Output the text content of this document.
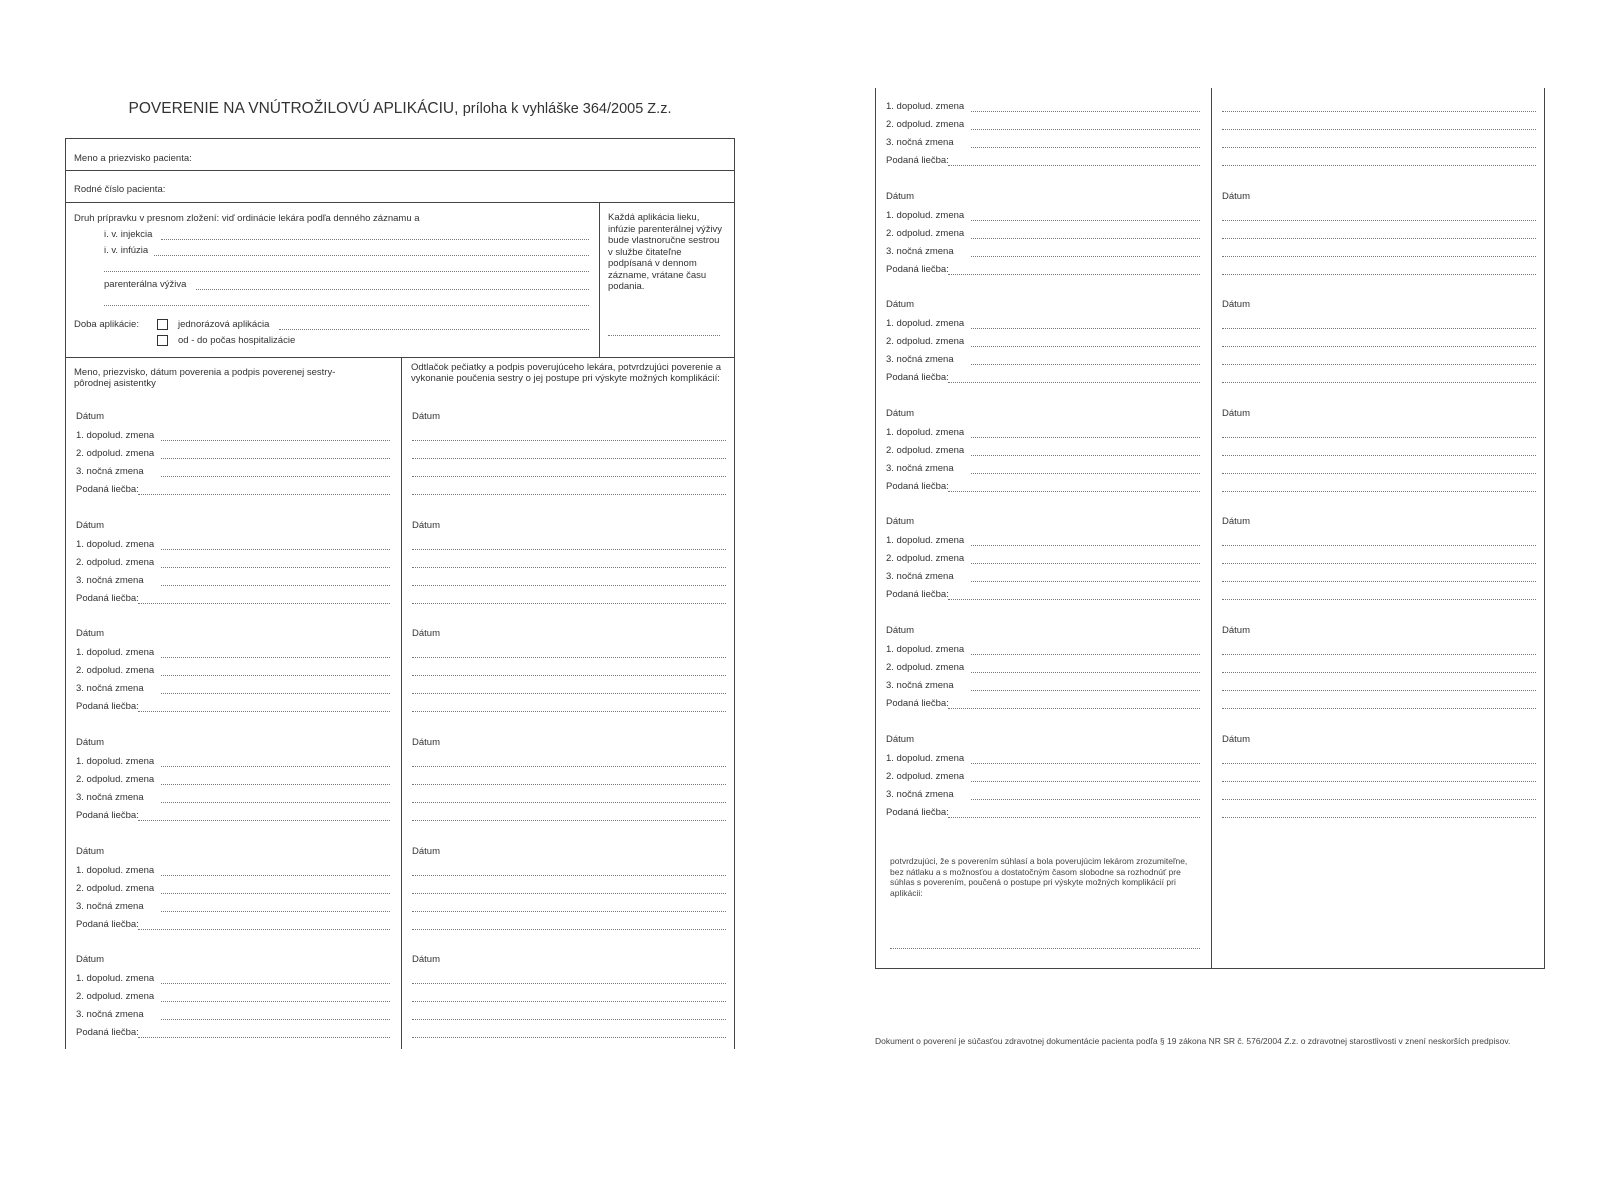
POVERENIE NA VNÚTROŽILOVÚ APLIKÁCIU, príloha k vyhláške 364/2005 Z.z.
Meno a priezvisko pacienta:
Rodné číslo pacienta:
Druh prípravku v presnom zložení: viď ordinácie lekára podľa denného záznamu a
i. v. injekcia
i. v. infúzia
parenterálna výživa
Doba aplikácie:	jednorázová aplikácia
od - do počas hospitalizácie
Každá aplikácia lieku, infúzie parenterálnej výživy bude vlastnoručne sestrou v službe čitateľne podpísaná v dennom zázname, vrátane času podania.
Meno, priezvisko, dátum poverenia a podpis poverenej sestry- pôrodnej asistentky
Odtlačok pečiatky a podpis poverujúceho lekára, potvrdzujúci poverenie a vykonanie poučenia sestry o jej postupe pri výskyte možných komplikácií:
Dátum	Dátum
1. dopolud. zmena
2. odpolud. zmena
3. nočná zmena
Podaná liečba:
Dátum	Dátum
1. dopolud. zmena
2. odpolud. zmena
3. nočná zmena
Podaná liečba:
Dátum	Dátum
1. dopolud. zmena
2. odpolud. zmena
3. nočná zmena
Podaná liečba:
Dátum	Dátum
1. dopolud. zmena
2. odpolud. zmena
3. nočná zmena
Podaná liečba:
Dátum	Dátum
1. dopolud. zmena
2. odpolud. zmena
3. nočná zmena
Podaná liečba:
Dátum	Dátum
1. dopolud. zmena
2. odpolud. zmena
3. nočná zmena
Podaná liečba:
1. dopolud. zmena
2. odpolud. zmena
3. nočná zmena
Podaná liečba:
Dátum	Dátum
1. dopolud. zmena
2. odpolud. zmena
3. nočná zmena
Podaná liečba:
Dátum	Dátum
1. dopolud. zmena
2. odpolud. zmena
3. nočná zmena
Podaná liečba:
Dátum	Dátum
1. dopolud. zmena
2. odpolud. zmena
3. nočná zmena
Podaná liečba:
Dátum	Dátum
1. dopolud. zmena
2. odpolud. zmena
3. nočná zmena
Podaná liečba:
Dátum	Dátum
1. dopolud. zmena
2. odpolud. zmena
3. nočná zmena
Podaná liečba:
Dátum	Dátum
1. dopolud. zmena
2. odpolud. zmena
3. nočná zmena
Podaná liečba:
potvrdzujúci, že s poverením súhlasí a bola poverujúcim lekárom zrozumiteľne, bez nátlaku a s možnosťou a dostatočným časom slobodne sa rozhodnúť pre súhlas s poverením, poučená o postupe pri výskyte možných komplikácií pri aplikácii:
Dokument o poverení je súčasťou zdravotnej dokumentácie pacienta podľa § 19 zákona NR SR č. 576/2004 Z.z. o zdravotnej starostlivosti v znení neskorších predpisov.
